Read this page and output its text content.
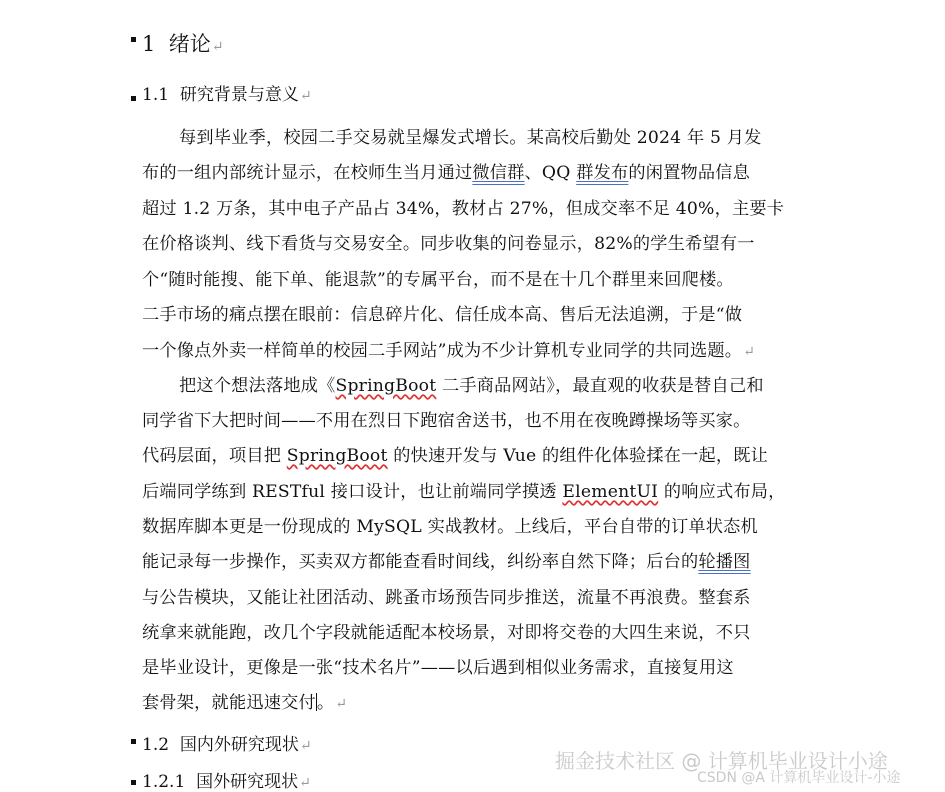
1 绪论↵
1.1 研究背景与意义↵
每到毕业季，校园二手交易就呈爆发式增长。某高校后勤处 2024 年 5 月发
布的一组内部统计显示，在校师生当月通过微信群、QQ 群发布的闲置物品信息
超过 1.2 万条，其中电子产品占 34%，教材占 27%，但成交率不足 40%，主要卡
在价格谈判、线下看货与交易安全。同步收集的问卷显示，82%的学生希望有一
个“随时能搜、能下单、能退款”的专属平台，而不是在十几个群里来回爬楼。
二手市场的痛点摆在眼前：信息碎片化、信任成本高、售后无法追溯，于是“做
一个像点外卖一样简单的校园二手网站”成为不少计算机专业同学的共同选题。↵
把这个想法落地成《SpringBoot 二手商品网站》，最直观的收获是替自己和
同学省下大把时间——不用在烈日下跑宿舍送书，也不用在夜晚蹲操场等买家。
代码层面，项目把 SpringBoot 的快速开发与 Vue 的组件化体验揉在一起，既让
后端同学练到 RESTful 接口设计，也让前端同学摸透 ElementUI 的响应式布局，
数据库脚本更是一份现成的 MySQL 实战教材。上线后，平台自带的订单状态机
能记录每一步操作，买卖双方都能查看时间线，纠纷率自然下降；后台的轮播图
与公告模块，又能让社团活动、跳蚤市场预告同步推送，流量不再浪费。整套系
统拿来就能跑，改几个字段就能适配本校场景，对即将交卷的大四生来说，不只
是毕业设计，更像是一张“技术名片”——以后遇到相似业务需求，直接复用这
套骨架，就能迅速交付。↵
1.2 国内外研究现状↵
1.2.1 国外研究现状↵
掘金技术社区 @ 计算机毕业设计小途
CSDN @A 计算机毕业设计-小途
